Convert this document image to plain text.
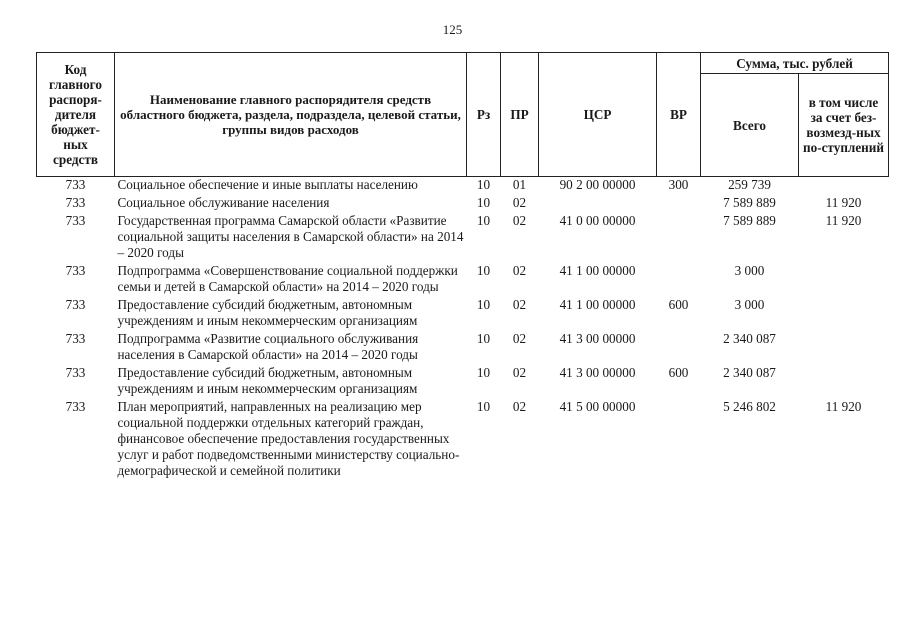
125
Код главного распоря-дителя бюджет-ных средств	Наименование главного распорядителя средств областного бюджета, раздела, подраздела, целевой статьи, группы видов расходов	Рз	ПР	ЦСР	ВР	Сумма, тыс. рублей	
						Всего	в том числе за счет без-возмезд-ных по-ступлений
733	Социальное обеспечение и иные выплаты населению	10	01	90 2 00 00000	300	259 739	
733	Социальное обслуживание населения	10	02			7 589 889	11 920
733	Государственная программа Самарской области «Развитие социальной защиты населения в Самарской области» на 2014 – 2020 годы	10	02	41 0 00 00000		7 589 889	11 920
733	Подпрограмма «Совершенствование социальной поддержки семьи и детей в Самарской области» на 2014 – 2020 годы	10	02	41 1 00 00000		3 000	
733	Предоставление субсидий бюджетным, автономным учреждениям и иным некоммерческим организациям	10	02	41 1 00 00000	600	3 000	
733	Подпрограмма «Развитие социального обслуживания населения в Самарской области» на 2014 – 2020 годы	10	02	41 3 00 00000		2 340 087	
733	Предоставление субсидий бюджетным, автономным учреждениям и иным некоммерческим организациям	10	02	41 3 00 00000	600	2 340 087	
733	План мероприятий, направленных на реализацию мер социальной поддержки отдельных категорий граждан, финансовое обеспечение предоставления государственных услуг и работ подведомственными министерству социально-демографической и семейной политики	10	02	41 5 00 00000		5 246 802	11 920
